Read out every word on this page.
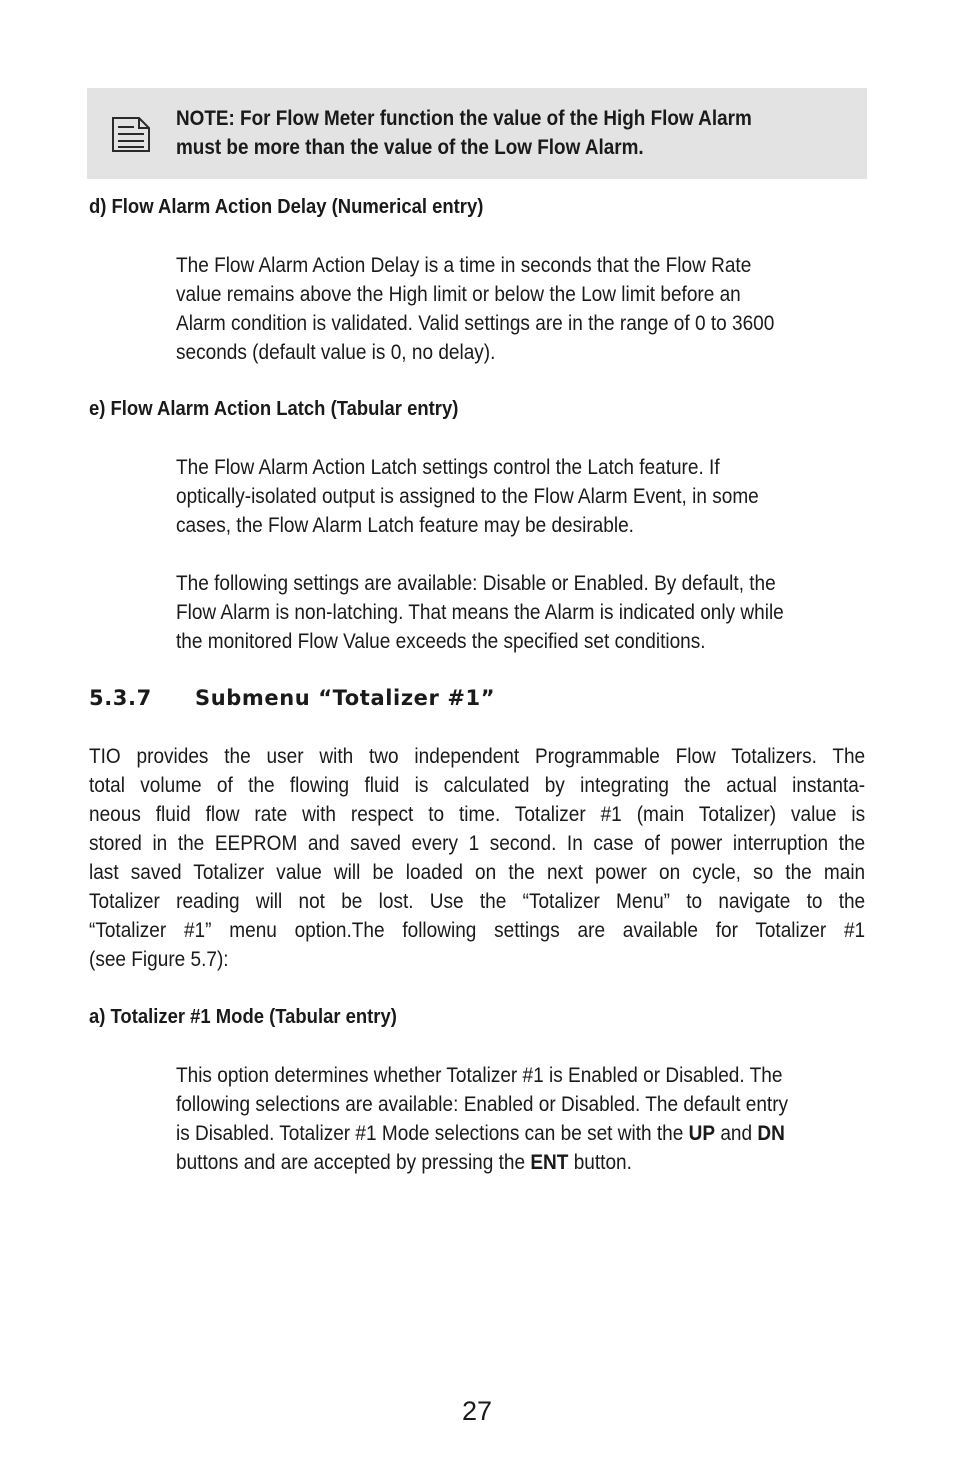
NOTE: For Flow Meter function the value of the High Flow Alarm
must be more than the value of the Low Flow Alarm.
d) Flow Alarm Action Delay (Numerical entry)
The Flow Alarm Action Delay is a time in seconds that the Flow Rate
value remains above the High limit or below the Low limit before an
Alarm condition is validated. Valid settings are in the range of 0 to 3600
seconds (default value is 0, no delay).
e) Flow Alarm Action Latch (Tabular entry)
The Flow Alarm Action Latch settings control the Latch feature. If
optically-isolated output is assigned to the Flow Alarm Event, in some
cases, the Flow Alarm Latch feature may be desirable.
The following settings are available: Disable or Enabled. By default, the
Flow Alarm is non-latching. That means the Alarm is indicated only while
the monitored Flow Value exceeds the specified set conditions.
5.3.7 Submenu “Totalizer #1”
TIO provides the user with two independent Programmable Flow Totalizers. The
total volume of the flowing fluid is calculated by integrating the actual instanta-
neous fluid flow rate with respect to time. Totalizer #1 (main Totalizer) value is
stored in the EEPROM and saved every 1 second. In case of power interruption the
last saved Totalizer value will be loaded on the next power on cycle, so the main
Totalizer reading will not be lost. Use the “Totalizer Menu” to navigate to the
“Totalizer #1” menu option.The following settings are available for Totalizer #1
(see Figure 5.7):
a) Totalizer #1 Mode (Tabular entry)
This option determines whether Totalizer #1 is Enabled or Disabled. The
following selections are available: Enabled or Disabled. The default entry
is Disabled. Totalizer #1 Mode selections can be set with the UP and DN
buttons and are accepted by pressing the ENT button.
27
